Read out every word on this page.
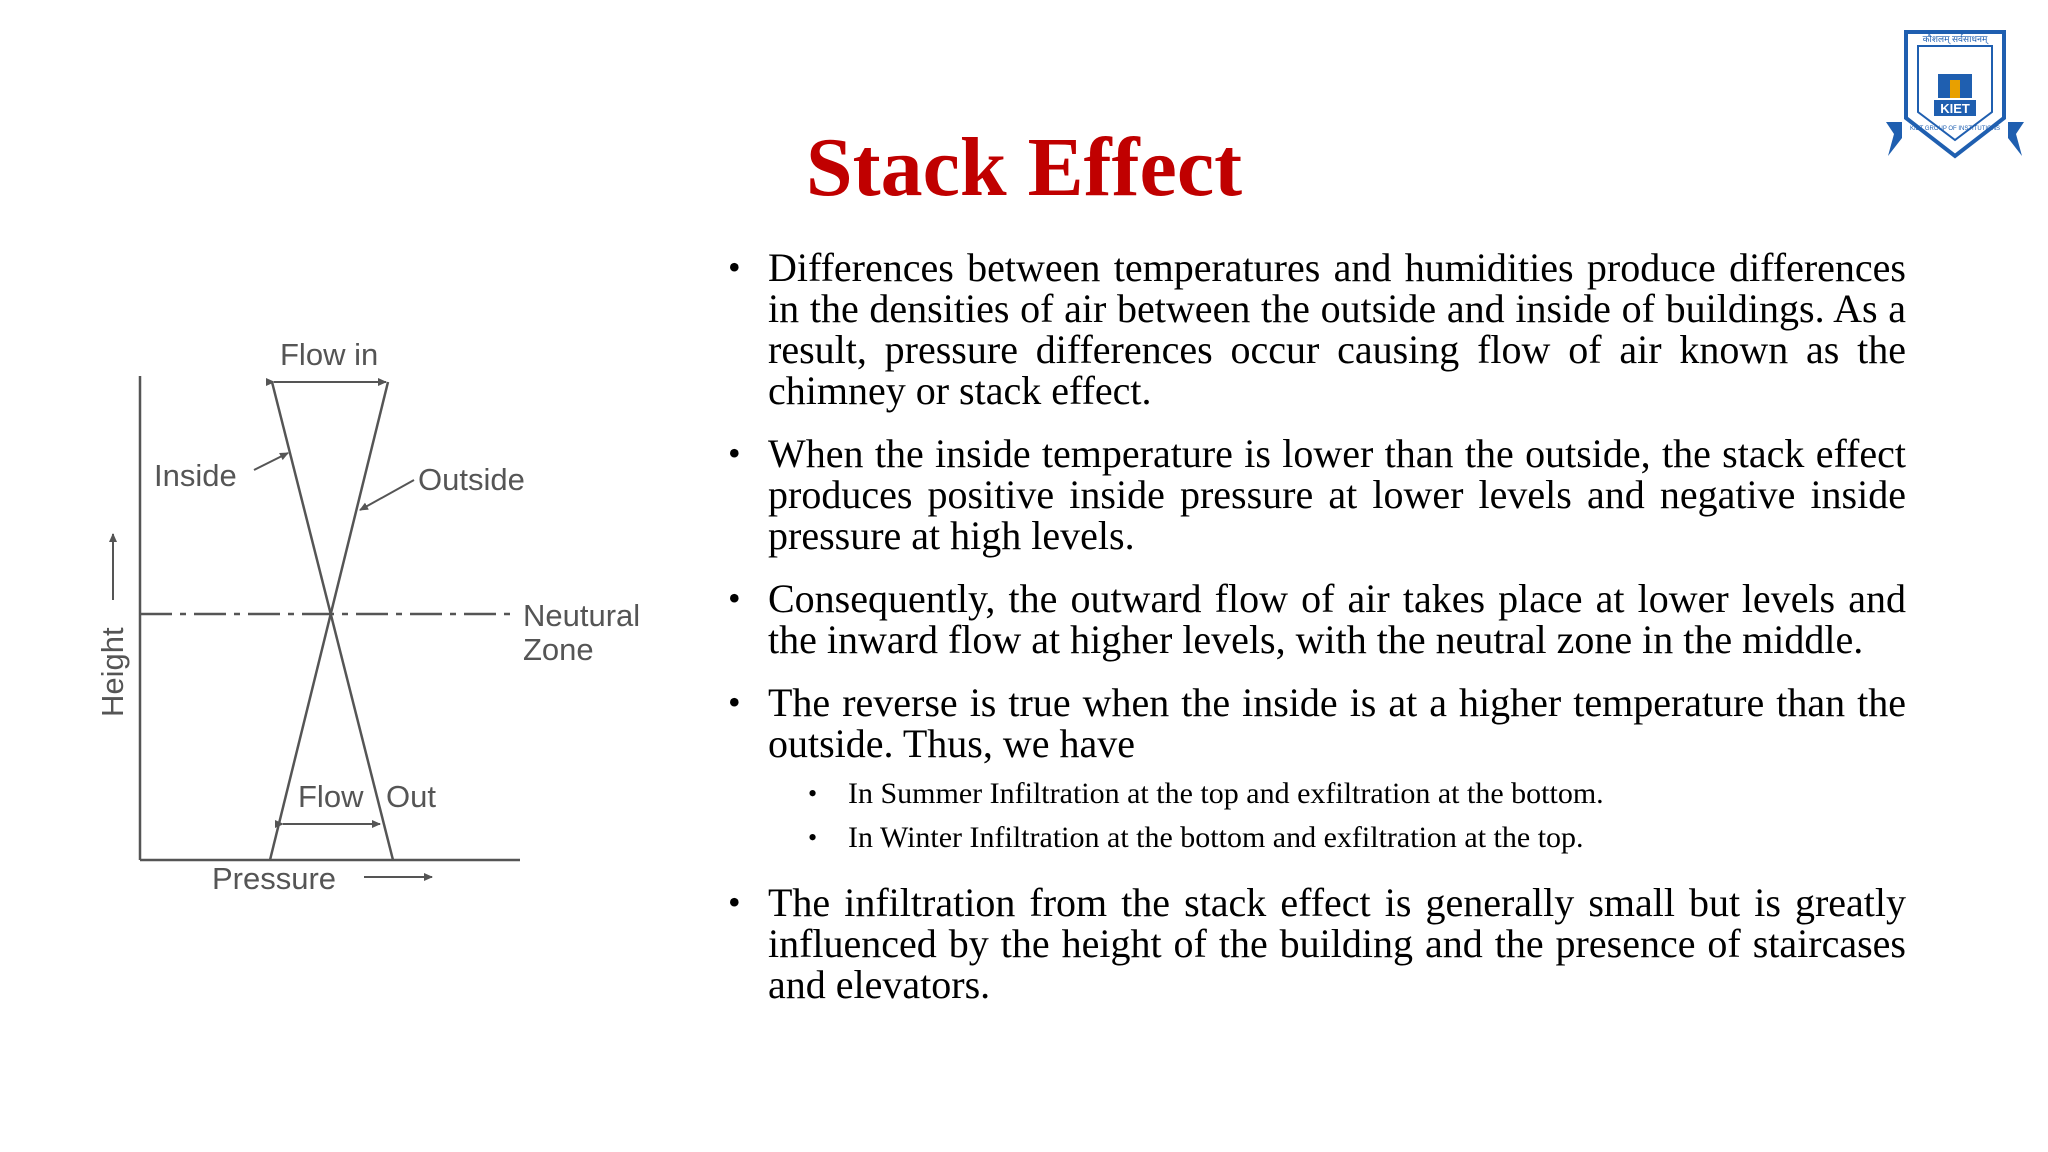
Stack Effect
• Differences between temperatures and humidities produce differences in the densities of air between the outside and inside of buildings. As a result, pressure differences occur causing flow of air known as the chimney or stack effect.
• When the inside temperature is lower than the outside, the stack effect produces positive inside pressure at lower levels and negative inside pressure at high levels.
• Consequently, the outward flow of air takes place at lower levels and the inward flow at higher levels, with the neutral zone in the middle.
• The reverse is true when the inside is at a higher temperature than the outside. Thus, we have
• In Summer Infiltration at the top and exfiltration at the bottom.
• In Winter Infiltration at the bottom and exfiltration at the top.
• The infiltration from the stack effect is generally small but is greatly influenced by the height of the building and the presence of staircases and elevators.
Flow in
Inside	Outside
Height
Neutural
Zone
Flow Out
Pressure
कौशलम् सर्वसाधनम्
KIET
KIET GROUP OF INSTITUTIONS
